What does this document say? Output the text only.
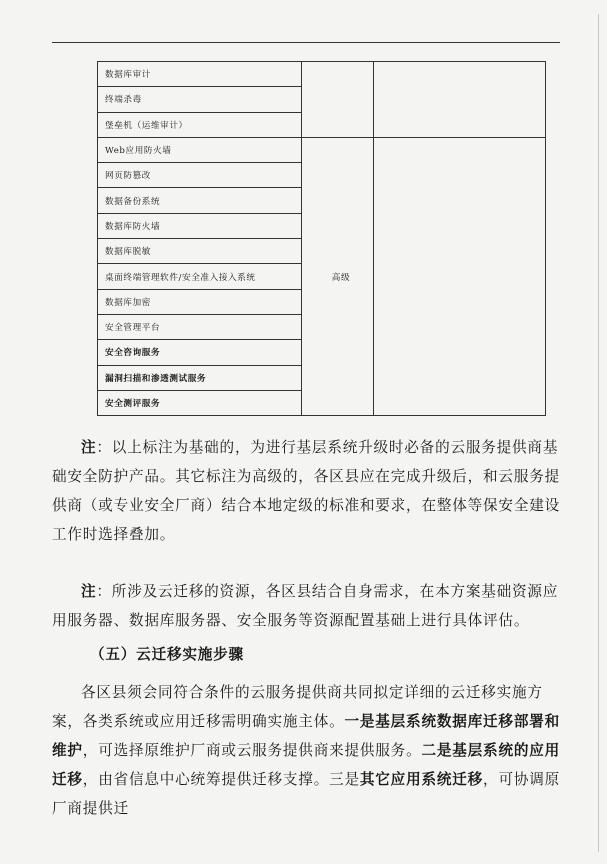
数据库审计		
终端杀毒		
堡垒机（运维审计）		
Web应用防火墙	高级	
网页防篡改		
数据备份系统		
数据库防火墙		
数据库脱敏		
桌面终端管理软件/安全准入接入系统		
数据库加密		
安全管理平台		
安全咨询服务		
漏洞扫描和渗透测试服务		
安全测评服务		

注：以上标注为基础的，为进行基层系统升级时必备的云服务提供商基础安全防护产品。其它标注为高级的，各区县应在完成升级后，和云服务提供商（或专业安全厂商）结合本地定级的标准和要求，在整体等保安全建设工作时选择叠加。

注：所涉及云迁移的资源，各区县结合自身需求，在本方案基础资源应用服务器、数据库服务器、安全服务等资源配置基础上进行具体评估。

（五）云迁移实施步骤

各区县须会同符合条件的云服务提供商共同拟定详细的云迁移实施方案，各类系统或应用迁移需明确实施主体。一是基层系统数据库迁移部署和维护，可选择原维护厂商或云服务提供商来提供服务。二是基层系统的应用迁移，由省信息中心统筹提供迁移支撑。三是其它应用系统迁移，可协调原厂商提供迁
